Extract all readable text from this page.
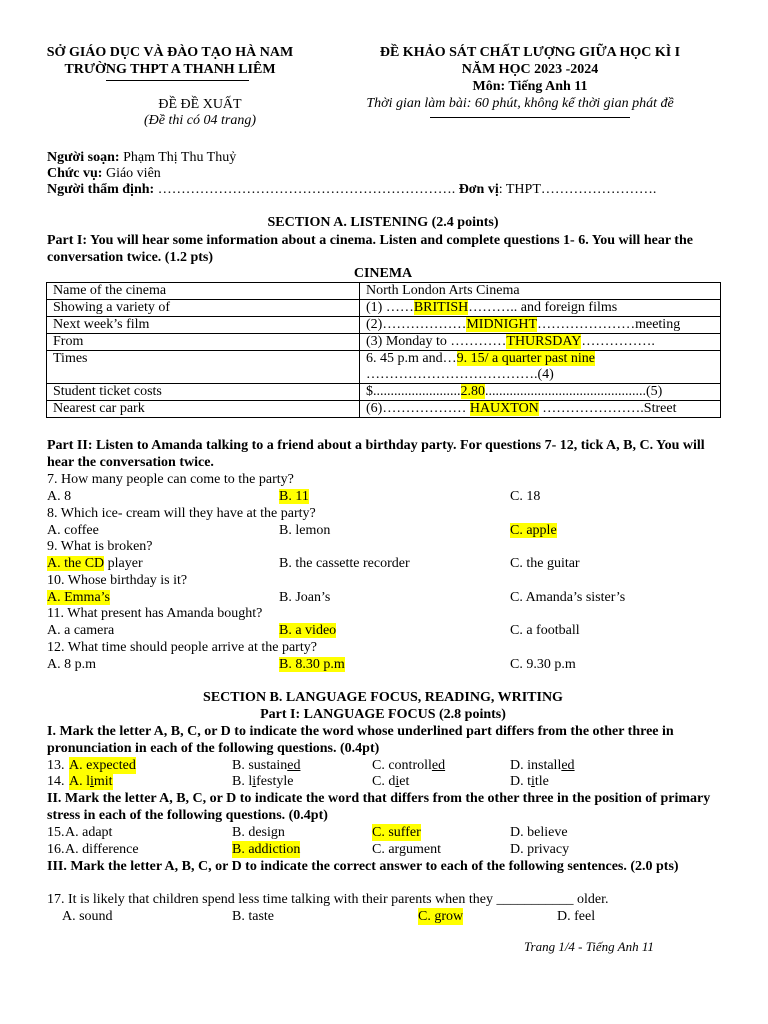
SỞ GIÁO DỤC VÀ ĐÀO TẠO HÀ NAM
TRƯỜNG THPT A THANH LIÊM
ĐỀ ĐỀ XUẤT
(Đề thi có 04 trang)
ĐỀ KHẢO SÁT CHẤT LƯỢNG GIỮA HỌC KÌ I
NĂM HỌC 2023 -2024
Môn: Tiếng Anh 11
Thời gian làm bài: 60 phút, không kể thời gian phát đề
Người soạn: Phạm Thị Thu Thuỷ
Chức vụ: Giáo viên
Người thẩm định: ………………………………………………………. Đơn vị: THPT…………………….
SECTION A. LISTENING (2.4 points)
Part I: You will hear some information about a cinema. Listen and complete questions 1- 6. You will hear the conversation twice. (1.2 pts)
CINEMA
Name of the cinema	North London Arts Cinema
Showing a variety of	(1) ……BRITISH……….. and foreign films
Next week’s film	(2)………………MIDNIGHT…………………meeting
From	(3) Monday to …………THURSDAY…………….
Times	6. 45 p.m and…9. 15/ a quarter past nine
……………………………….(4)
Student ticket costs	$.........................2.80..............................................(5)
Nearest car park	(6)……………… HAUXTON ………………….Street
Part II: Listen to Amanda talking to a friend about a birthday party. For questions 7- 12, tick A, B, C. You will hear the conversation twice.
7. How many people can come to the party?
A. 8	B. 11	C. 18
8. Which ice- cream will they have at the party?
A. coffee	B. lemon	C. apple
9. What is broken?
A. the CD player	B. the cassette recorder	C. the guitar
10. Whose birthday is it?
A. Emma’s	B. Joan’s	C. Amanda’s sister’s
11. What present has Amanda bought?
A. a camera	B. a video	C. a football
12. What time should people arrive at the party?
A. 8 p.m	B. 8.30 p.m	C. 9.30 p.m
SECTION B. LANGUAGE FOCUS, READING, WRITING
Part I: LANGUAGE FOCUS (2.8 points)
I. Mark the letter A, B, C, or D to indicate the word whose underlined part differs from the other three in pronunciation in each of the following questions. (0.4pt)
13. A. expected	B. sustained	C. controlled	D. installed
14. A. limit	B. lifestyle	C. diet	D. title
II. Mark the letter A, B, C, or D to indicate the word that differs from the other three in the position of primary stress in each of the following questions. (0.4pt)
15. A. adapt	B. design	C. suffer	D. believe
16. A. difference	B. addiction	C. argument	D. privacy
III. Mark the letter A, B, C, or D to indicate the correct answer to each of the following sentences. (2.0 pts)
17. It is likely that children spend less time talking with their parents when they ___________ older.
A. sound	B. taste	C. grow	D. feel
Trang 1/4 - Tiếng Anh 11
